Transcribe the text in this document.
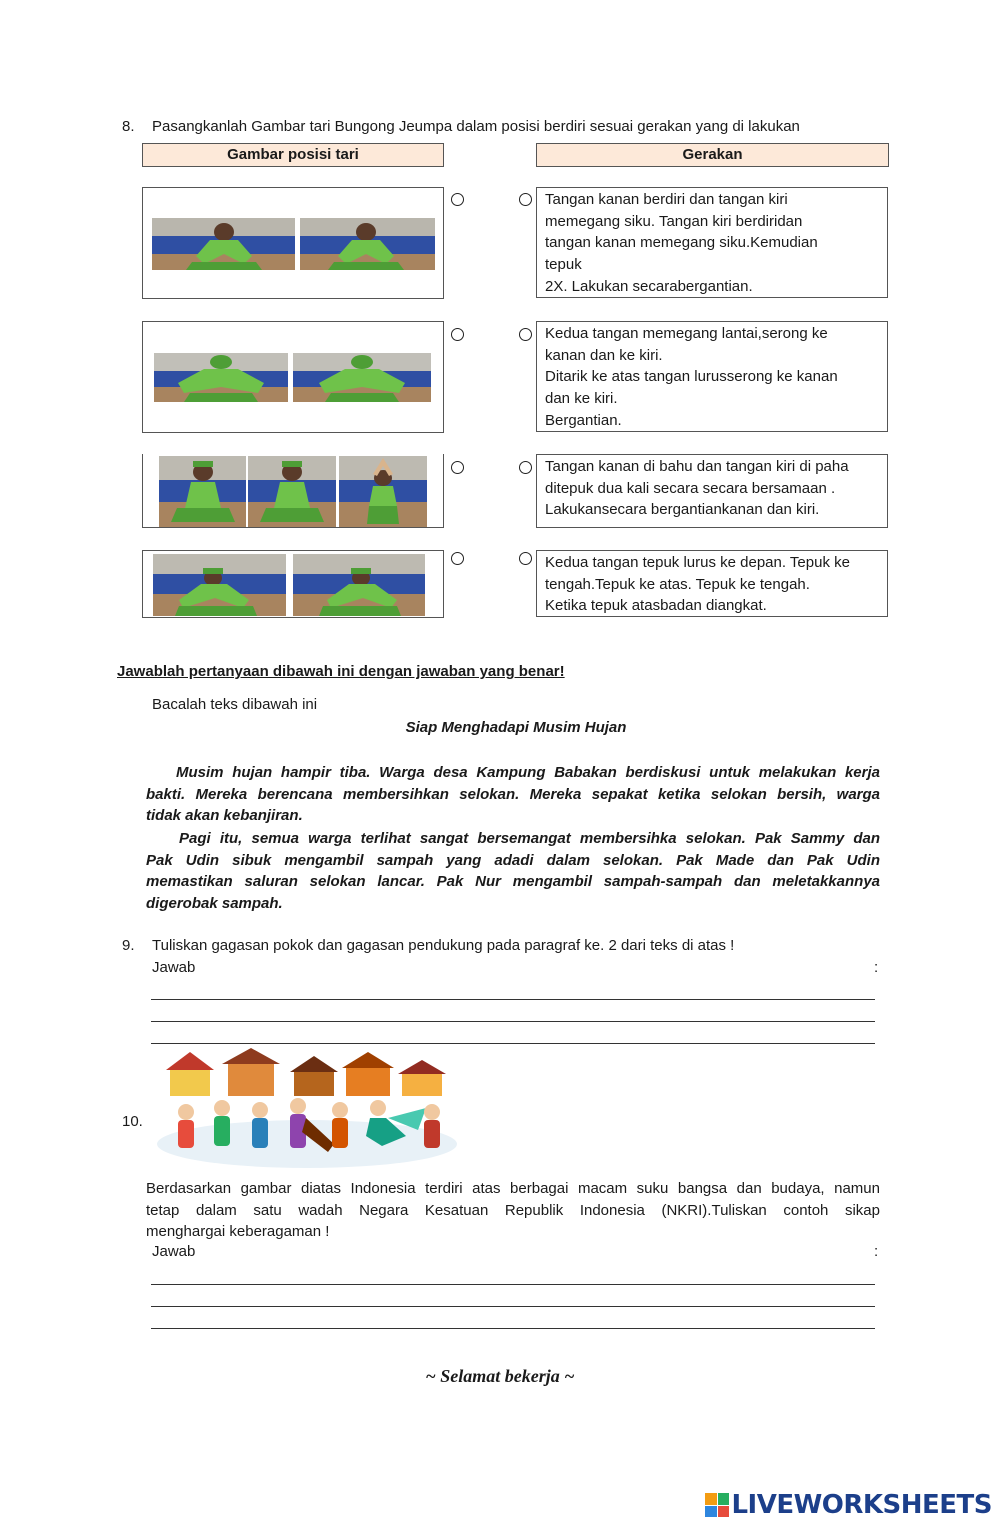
8. Pasangkanlah Gambar tari Bungong Jeumpa dalam posisi berdiri sesuai gerakan yang di lakukan
Gambar posisi tari	Gerakan
Tangan kanan berdiri dan tangan kiri
memegang siku. Tangan kiri berdiridan
tangan kanan memegang siku.Kemudian
tepuk
2X. Lakukan secarabergantian.
Kedua tangan memegang lantai,serong ke
kanan dan ke kiri.
Ditarik ke atas tangan lurusserong ke kanan
dan ke kiri.
Bergantian.
Tangan kanan di bahu dan tangan kiri di paha
ditepuk dua kali secara secara bersamaan .
Lakukansecara bergantiankanan dan kiri.
Kedua tangan tepuk lurus ke depan. Tepuk ke
tengah.Tepuk ke atas. Tepuk ke tengah.
Ketika tepuk atasbadan diangkat.
Jawablah pertanyaan dibawah ini dengan jawaban yang benar!
Bacalah teks dibawah ini
Siap Menghadapi Musim Hujan
Musim hujan hampir tiba. Warga desa Kampung Babakan berdiskusi untuk melakukan kerja
bakti. Mereka berencana membersihkan selokan. Mereka sepakat ketika selokan bersih, warga
tidak akan kebanjiran.
Pagi itu, semua warga terlihat sangat bersemangat membersihka selokan. Pak Sammy dan
Pak Udin sibuk mengambil sampah yang adadi dalam selokan. Pak Made dan Pak Udin
memastikan saluran selokan lancar. Pak Nur mengambil sampah-sampah dan meletakkannya
digerobak sampah.
9. Tuliskan gagasan pokok dan gagasan pendukung pada paragraf ke. 2 dari teks di atas !
Jawab	:
10.
Berdasarkan gambar diatas Indonesia terdiri atas berbagai macam suku bangsa dan budaya, namun
tetap dalam satu wadah Negara Kesatuan Republik Indonesia (NKRI).Tuliskan contoh sikap
menghargai keberagaman !
Jawab	:
~ Selamat bekerja ~
LIVEWORKSHEETS
